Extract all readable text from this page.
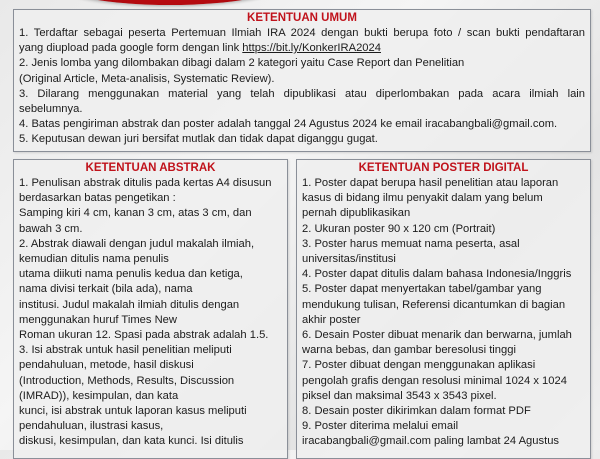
KETENTUAN UMUM

1. Terdaftar sebagai peserta Pertemuan Ilmiah IRA 2024 dengan bukti berupa foto / scan bukti pendaftaran

yang diupload pada google form dengan link https://bit.ly/KonkerIRA2024

2. Jenis lomba yang dilombakan dibagi dalam 2 kategori yaitu Case Report dan Penelitian

(Original Article, Meta-analisis, Systematic Review).

3. Dilarang menggunakan material yang telah dipublikasi atau diperlombakan pada acara ilmiah lain

sebelumnya.

4. Batas pengiriman abstrak dan poster adalah tanggal 24 Agustus 2024 ke email iracabangbali@gmail.com.

5. Keputusan dewan juri bersifat mutlak dan tidak dapat diganggu gugat.

KETENTUAN ABSTRAK

1. Penulisan abstrak ditulis pada kertas A4 disusun

berdasarkan batas pengetikan :

Samping kiri 4 cm, kanan 3 cm, atas 3 cm, dan

bawah 3 cm.

2. Abstrak diawali dengan judul makalah ilmiah,

kemudian ditulis nama penulis

utama diikuti nama penulis kedua dan ketiga,

nama divisi terkait (bila ada), nama

institusi. Judul makalah ilmiah ditulis dengan

menggunakan huruf Times New

Roman ukuran 12. Spasi pada abstrak adalah 1.5.

3. Isi abstrak untuk hasil penelitian meliputi

pendahuluan, metode, hasil diskusi

(Introduction, Methods, Results, Discussion

(IMRAD)), kesimpulan, dan kata

kunci, isi abstrak untuk laporan kasus meliputi

pendahuluan, ilustrasi kasus,

diskusi, kesimpulan, dan kata kunci. Isi ditulis

KETENTUAN POSTER DIGITAL

1. Poster dapat berupa hasil penelitian atau laporan

kasus di bidang ilmu penyakit dalam yang belum

pernah dipublikasikan

2. Ukuran poster 90 x 120 cm (Portrait)

3. Poster harus memuat nama peserta, asal

universitas/institusi

4. Poster dapat ditulis dalam bahasa Indonesia/Inggris

5. Poster dapat menyertakan tabel/gambar yang

mendukung tulisan, Referensi dicantumkan di bagian

akhir poster

6. Desain Poster dibuat menarik dan berwarna, jumlah

warna bebas, dan gambar beresolusi tinggi

7. Poster dibuat dengan menggunakan aplikasi

pengolah grafis dengan resolusi minimal 1024 x 1024

piksel dan maksimal 3543 x 3543 pixel.

8. Desain poster dikirimkan dalam format PDF

9. Poster diterima melalui email

iracabangbali@gmail.com paling lambat 24 Agustus
